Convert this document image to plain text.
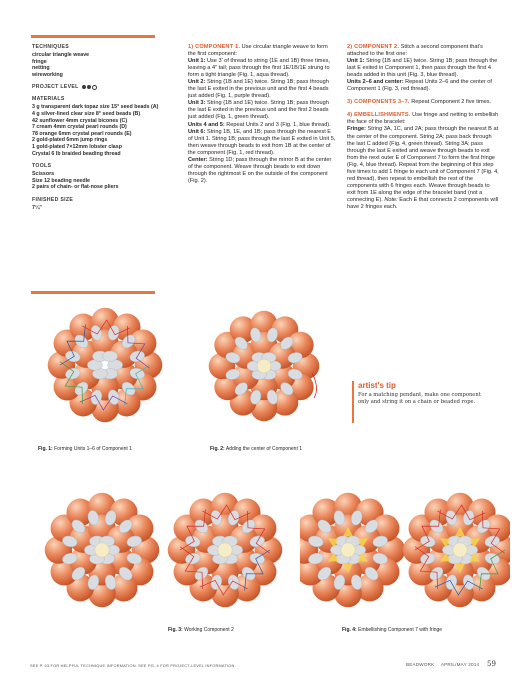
TECHNIQUES
circular triangle weave
fringe
netting
wireworking
PROJECT LEVEL
MATERIALS
3 g transparent dark topaz size 15° seed beads (A)
4 g silver-lined clear size 8° seed beads (B)
42 sunflower 4mm crystal bicones (C)
7 cream 4mm crystal pearl rounds (D)
78 orange 6mm crystal pearl rounds (E)
2 gold-plated 6mm jump rings
1 gold-plated 7×12mm lobster clasp
Crystal 6 lb braided beading thread
TOOLS
Scissors
Size 12 beading needle
2 pairs of chain- or flat-nose pliers
FINISHED SIZE
7¼"

1) COMPONENT 1. Use circular triangle weave to form the first component:
Unit 1: Use 3' of thread to string {1E and 1B} three times, leaving a 4" tail; pass through the first 1E/1B/1E strung to form a tight triangle (Fig. 1, aqua thread).
Unit 2: String {1B and 1E} twice. String 1B; pass through the last E exited in the previous unit and the first 4 beads just added (Fig. 1, purple thread).
Unit 3: String {1B and 1E} twice. String 1B; pass through the last E exited in the previous unit and the first 2 beads just added (Fig. 1, green thread).
Units 4 and 5: Repeat Units 2 and 3 (Fig. 1, blue thread).
Unit 6: String 1B, 1E, and 1B; pass through the nearest E of Unit 1. String 1B; pass through the last E exited in Unit 5, then weave through beads to exit from 1B at the center of the component (Fig. 1, red thread).
Center: String 1D; pass through the mirror B at the center of the component. Weave through beads to exit down through the rightmost E on the outside of the component (Fig. 2).

2) COMPONENT 2. Stitch a second component that's attached to the first one:
Unit 1: String {1B and 1E} twice. String 1B; pass through the last E exited in Component 1, then pass through the first 4 beads added in this unit (Fig. 3, blue thread).
Units 2–6 and center: Repeat Units 2–6 and the center of Component 1 (Fig. 3, red thread).

3) COMPONENTS 3–7. Repeat Component 2 five times.

4) EMBELLISHMENTS. Use fringe and netting to embellish the face of the bracelet:
Fringe: String 3A, 1C, and 2A; pass through the nearest B at the center of the component. String 2A; pass back through the last C added (Fig. 4, green thread). String 3A; pass through the last E exited and weave through beads to exit from the next outer E of Component 7 to form the first fringe (Fig. 4, blue thread). Repeat from the beginning of this step five times to add 1 fringe to each unit of Component 7 (Fig. 4, red thread), then repeat to embellish the rest of the components with 6 fringes each. Weave through beads to exit from 1E along the edge of the bracelet band (not a connecting E). Note: Each E that connects 2 components will have 2 fringes each.

artist's tip
For a matching pendant, make one component only and string it on a chain or beaded rope.
Fig. 1: Forming Units 1–6 of Component 1	Fig. 2: Adding the center of Component 1
Fig. 3: Working Component 2	Fig. 4: Embellishing Component 7 with fringe
SEE P. 93 FOR HELPFUL TECHNIQUE INFORMATION. SEE PG. 4 FOR PROJECT-LEVEL INFORMATION.	BEADWORK APRIL/MAY 2014 59
